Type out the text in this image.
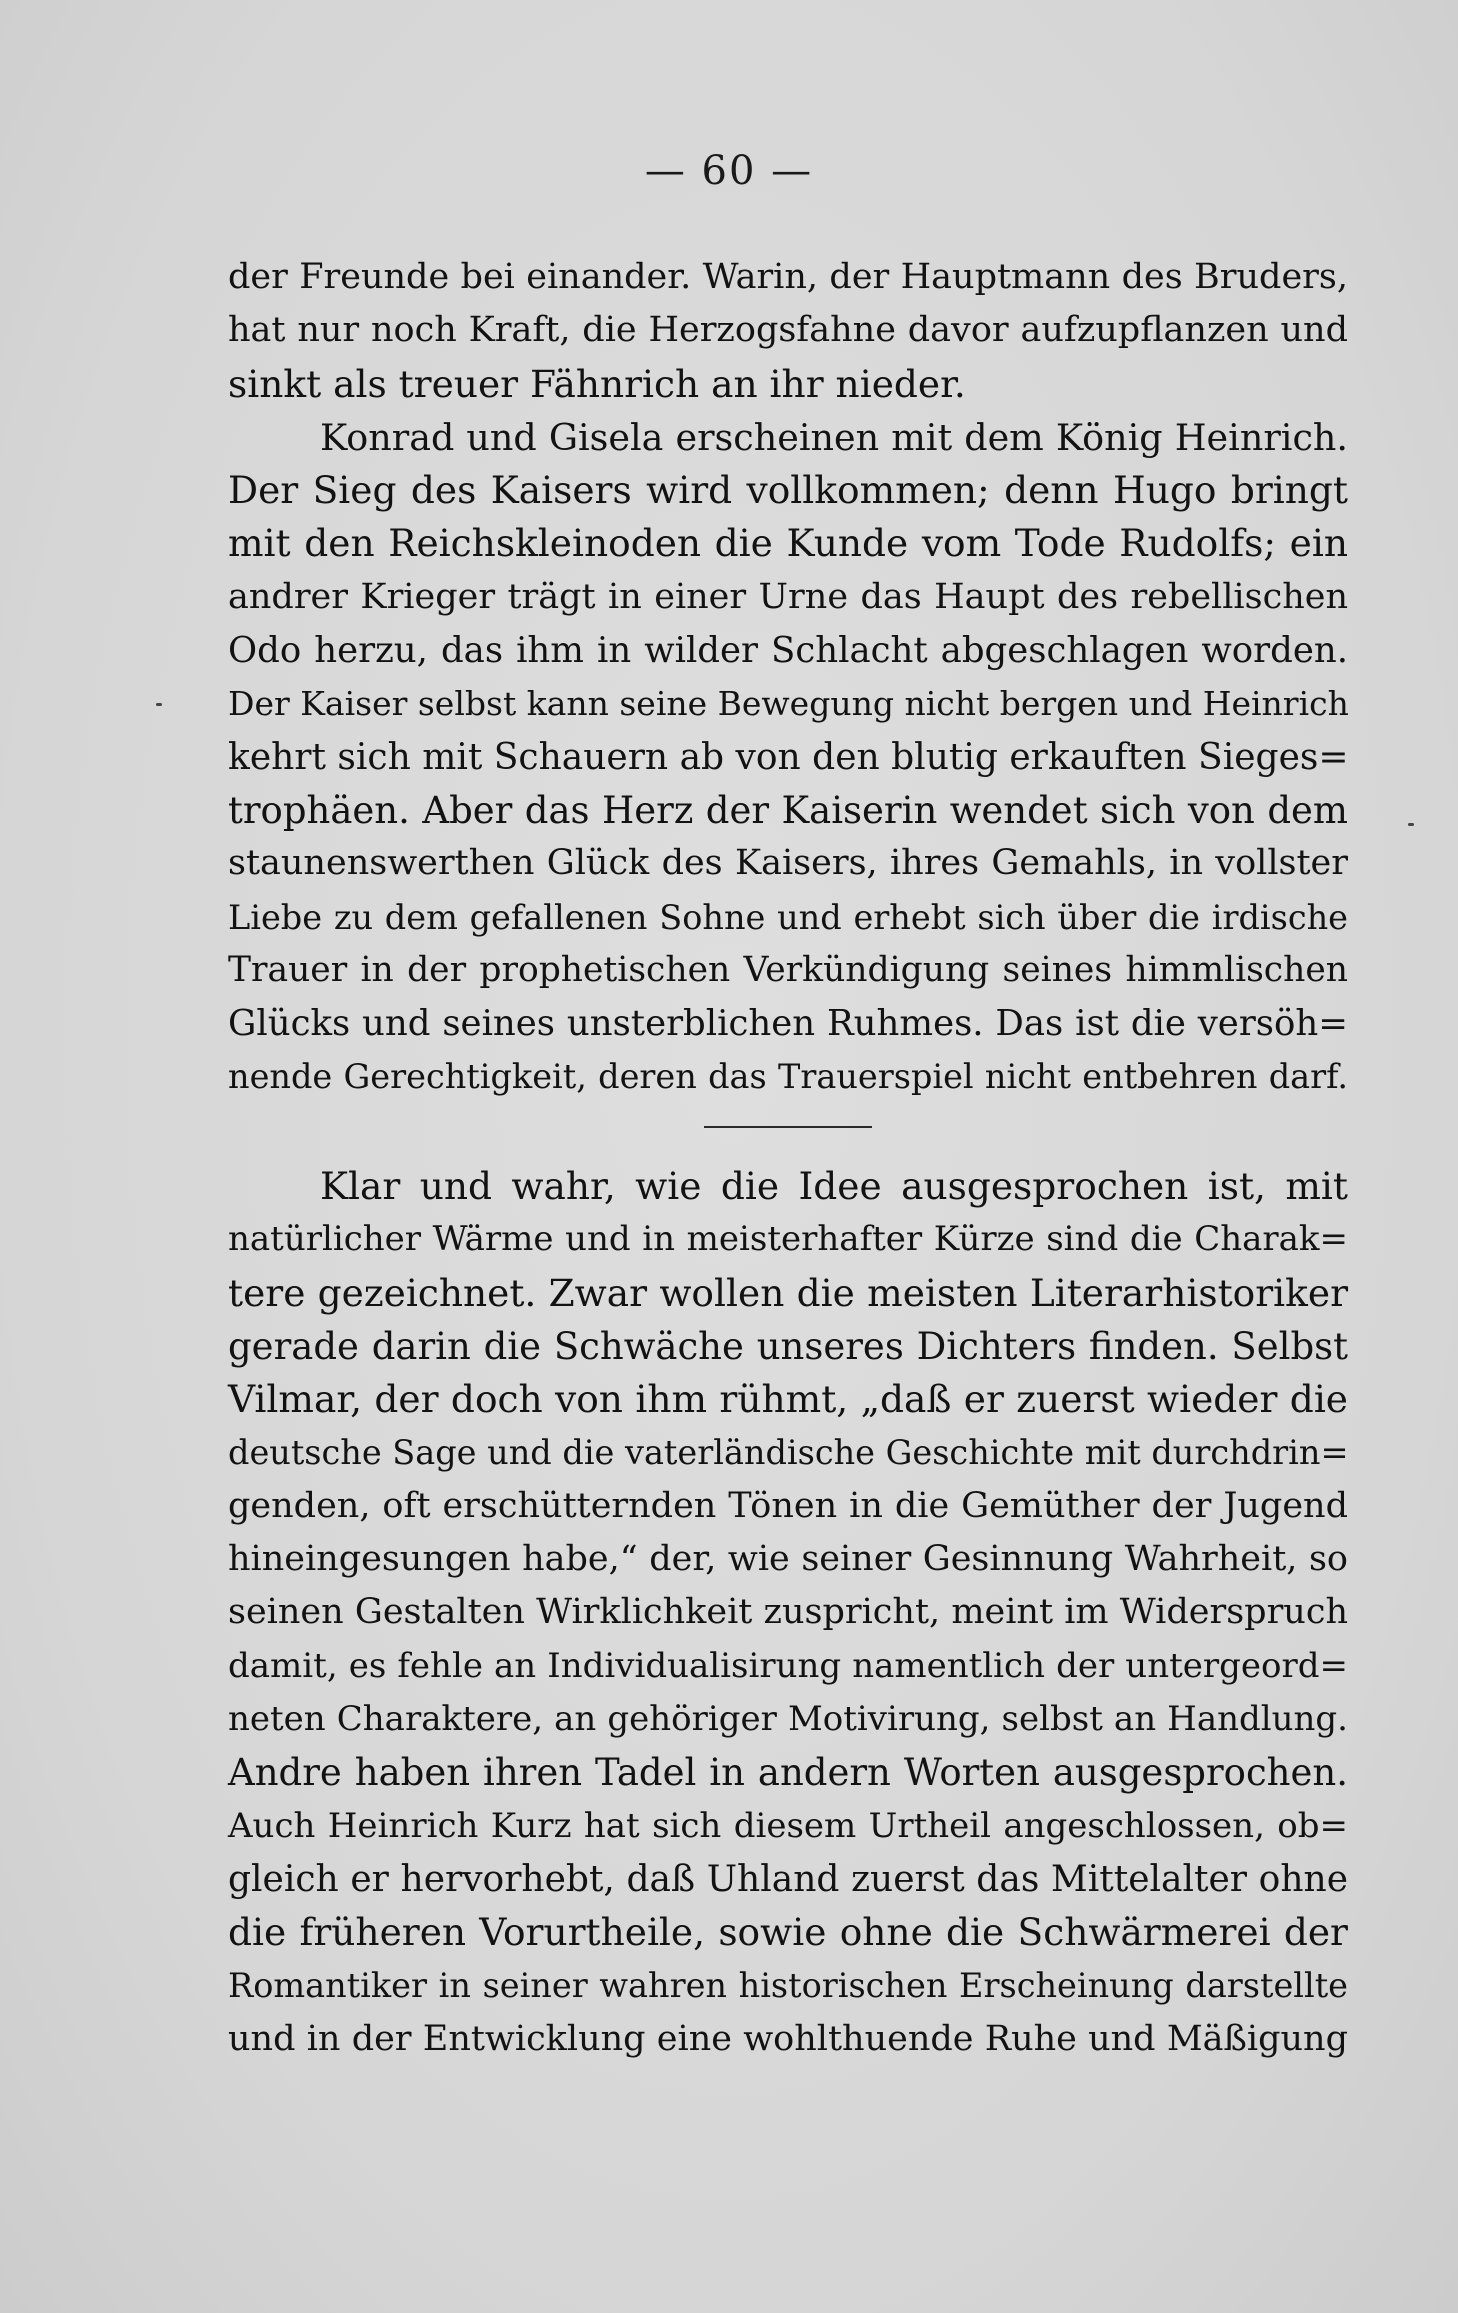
— 60 —
der Freunde bei einander. Warin, der Hauptmann des Bruders,
hat nur noch Kraft, die Herzogsfahne davor aufzupflanzen und
sinkt als treuer Fähnrich an ihr nieder.
Konrad und Gisela erscheinen mit dem König Heinrich.
Der Sieg des Kaisers wird vollkommen; denn Hugo bringt
mit den Reichskleinoden die Kunde vom Tode Rudolfs; ein
andrer Krieger trägt in einer Urne das Haupt des rebellischen
Odo herzu, das ihm in wilder Schlacht abgeschlagen worden.
Der Kaiser selbst kann seine Bewegung nicht bergen und Heinrich
kehrt sich mit Schauern ab von den blutig erkauften Sieges=
trophäen. Aber das Herz der Kaiserin wendet sich von dem
staunenswerthen Glück des Kaisers, ihres Gemahls, in vollster
Liebe zu dem gefallenen Sohne und erhebt sich über die irdische
Trauer in der prophetischen Verkündigung seines himmlischen
Glücks und seines unsterblichen Ruhmes. Das ist die versöh=
nende Gerechtigkeit, deren das Trauerspiel nicht entbehren darf.
Klar und wahr, wie die Idee ausgesprochen ist, mit
natürlicher Wärme und in meisterhafter Kürze sind die Charak=
tere gezeichnet. Zwar wollen die meisten Literarhistoriker
gerade darin die Schwäche unseres Dichters finden. Selbst
Vilmar, der doch von ihm rühmt, „daß er zuerst wieder die
deutsche Sage und die vaterländische Geschichte mit durchdrin=
genden, oft erschütternden Tönen in die Gemüther der Jugend
hineingesungen habe,“ der, wie seiner Gesinnung Wahrheit, so
seinen Gestalten Wirklichkeit zuspricht, meint im Widerspruch
damit, es fehle an Individualisirung namentlich der untergeord=
neten Charaktere, an gehöriger Motivirung, selbst an Handlung.
Andre haben ihren Tadel in andern Worten ausgesprochen.
Auch Heinrich Kurz hat sich diesem Urtheil angeschlossen, ob=
gleich er hervorhebt, daß Uhland zuerst das Mittelalter ohne
die früheren Vorurtheile, sowie ohne die Schwärmerei der
Romantiker in seiner wahren historischen Erscheinung darstellte
und in der Entwicklung eine wohlthuende Ruhe und Mäßigung
